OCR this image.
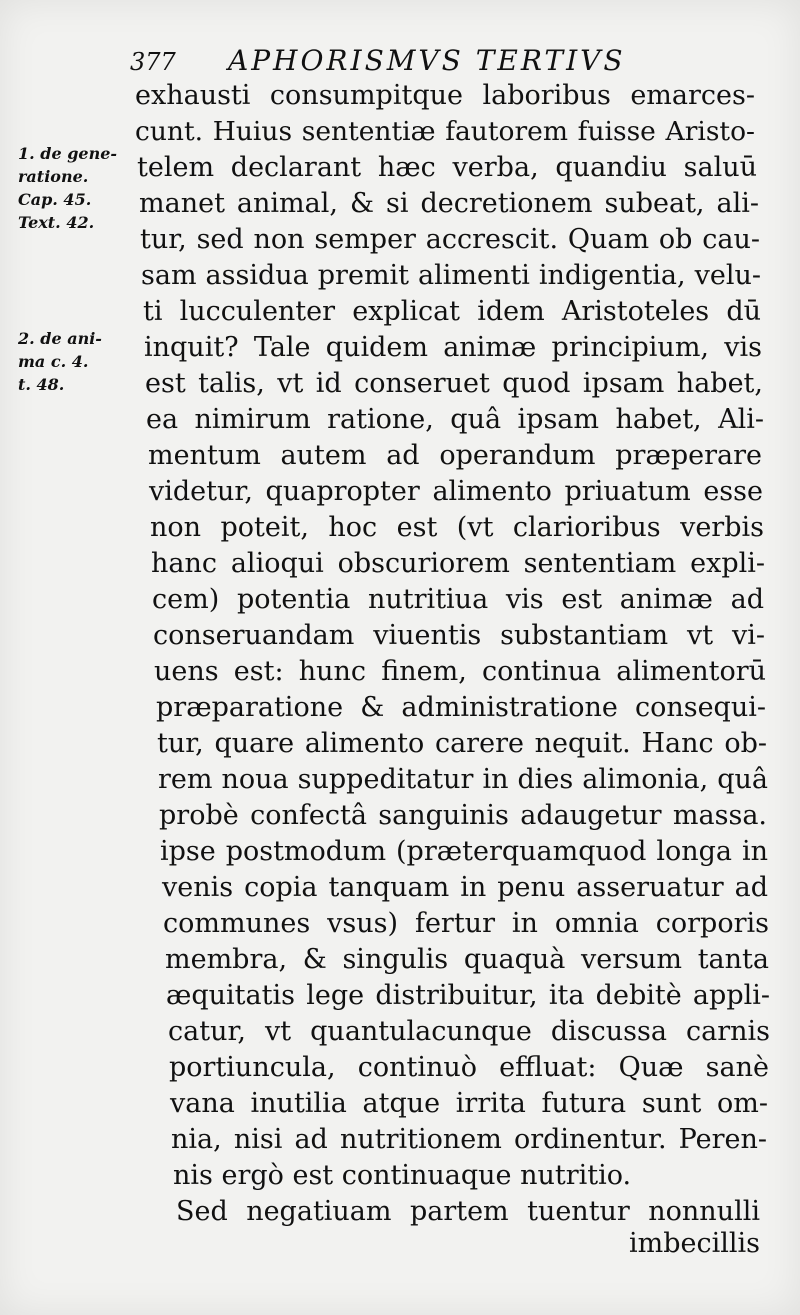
377 APHORISMVS TERTIVS
1. de gene-
ratione.
Cap. 45.
Text. 42.
2. de ani-
ma c. 4.
t. 48.
exhausti consumpitque laboribus emarces-
cunt. Huius sententiæ fautorem fuisse Aristo-
telem declarant hæc verba, quandiu saluū
manet animal, & si decretionem subeat, ali-
tur, sed non semper accrescit. Quam ob cau-
sam assidua premit alimenti indigentia, velu-
ti lucculenter explicat idem Aristoteles dū
inquit? Tale quidem animæ principium, vis
est talis, vt id conseruet quod ipsam habet,
ea nimirum ratione, quâ ipsam habet, Ali-
mentum autem ad operandum præperare
videtur, quapropter alimento priuatum esse
non poteit, hoc est (vt clarioribus verbis
hanc alioqui obscuriorem sententiam expli-
cem) potentia nutritiua vis est animæ ad
conseruandam viuentis substantiam vt vi-
uens est: hunc finem, continua alimentorū
præparatione & administratione consequi-
tur, quare alimento carere nequit. Hanc ob-
rem noua suppeditatur in dies alimonia, quâ
probè confectâ sanguinis adaugetur massa.
ipse postmodum (præterquamquod longa in
venis copia tanquam in penu asseruatur ad
communes vsus) fertur in omnia corporis
membra, & singulis quaquà versum tanta
æquitatis lege distribuitur, ita debitè appli-
catur, vt quantulacunque discussa carnis
portiuncula, continuò effluat: Quæ sanè
vana inutilia atque irrita futura sunt om-
nia, nisi ad nutritionem ordinentur. Peren-
nis ergò est continuaque nutritio.
Sed negatiuam partem tuentur nonnulli
imbecillis
